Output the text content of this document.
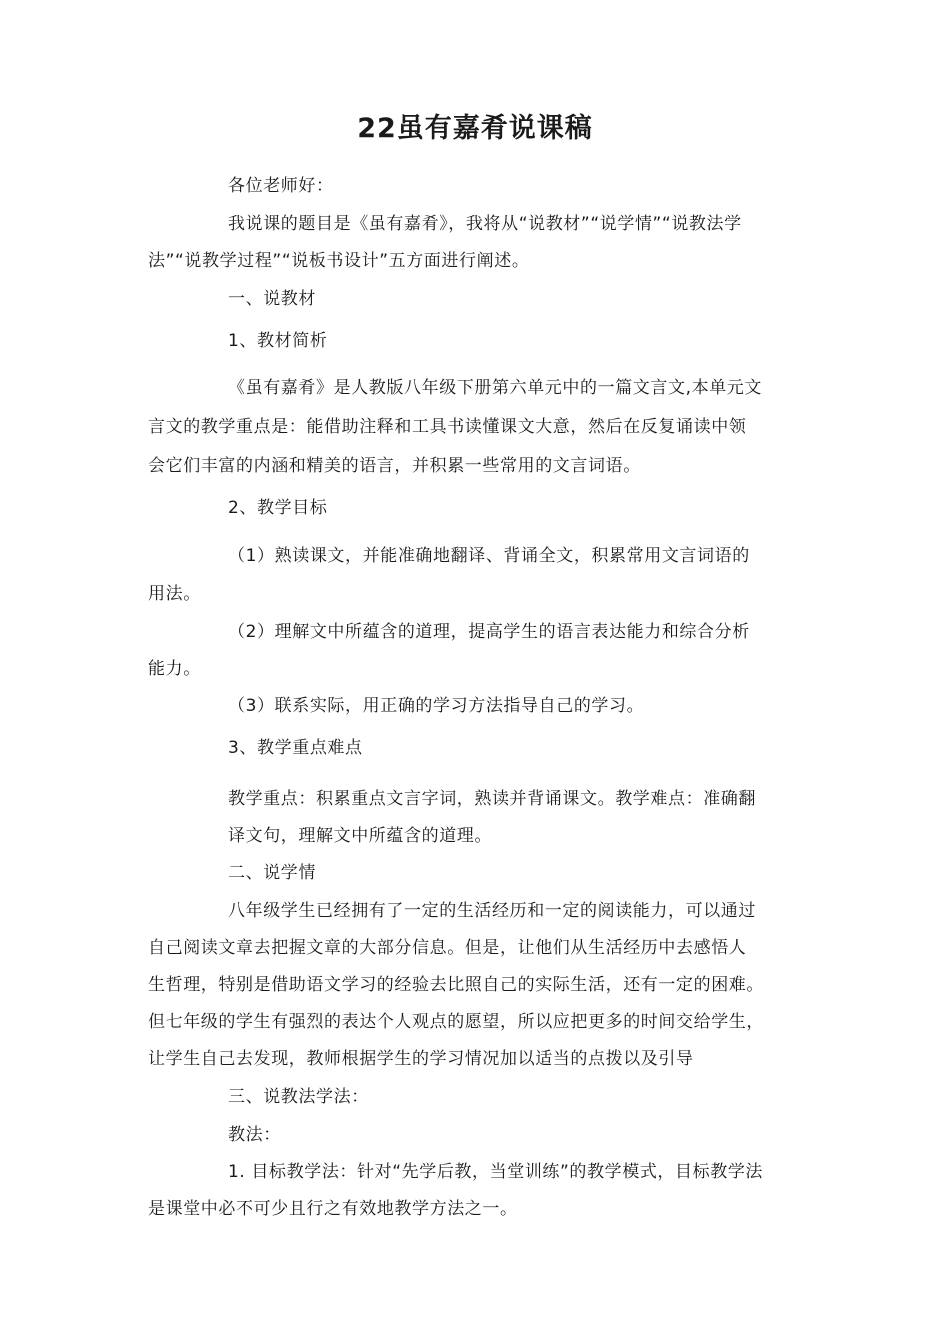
22虽有嘉肴说课稿
各位老师好：
我说课的题目是《虽有嘉肴》，我将从“说教材”“说学情”“说教法学
法”“说教学过程”“说板书设计”五方面进行阐述。
一、说教材
1、教材简析
《虽有嘉肴》是人教版八年级下册第六单元中的一篇文言文,本单元文
言文的教学重点是：能借助注释和工具书读懂课文大意，然后在反复诵读中领
会它们丰富的内涵和精美的语言，并积累一些常用的文言词语。
2、教学目标
（1）熟读课文，并能准确地翻译、背诵全文，积累常用文言词语的
用法。
（2）理解文中所蕴含的道理，提高学生的语言表达能力和综合分析
能力。
（3）联系实际，用正确的学习方法指导自己的学习。
3、教学重点难点
教学重点：积累重点文言字词，熟读并背诵课文。教学难点：准确翻
译文句，理解文中所蕴含的道理。
二、说学情
八年级学生已经拥有了一定的生活经历和一定的阅读能力，可以通过
自己阅读文章去把握文章的大部分信息。但是，让他们从生活经历中去感悟人
生哲理，特别是借助语文学习的经验去比照自己的实际生活，还有一定的困难。
但七年级的学生有强烈的表达个人观点的愿望，所以应把更多的时间交给学生，
让学生自己去发现，教师根据学生的学习情况加以适当的点拨以及引导
三、说教法学法：
教法：
1. 目标教学法：针对“先学后教，当堂训练”的教学模式，目标教学法
是课堂中必不可少且行之有效地教学方法之一。
